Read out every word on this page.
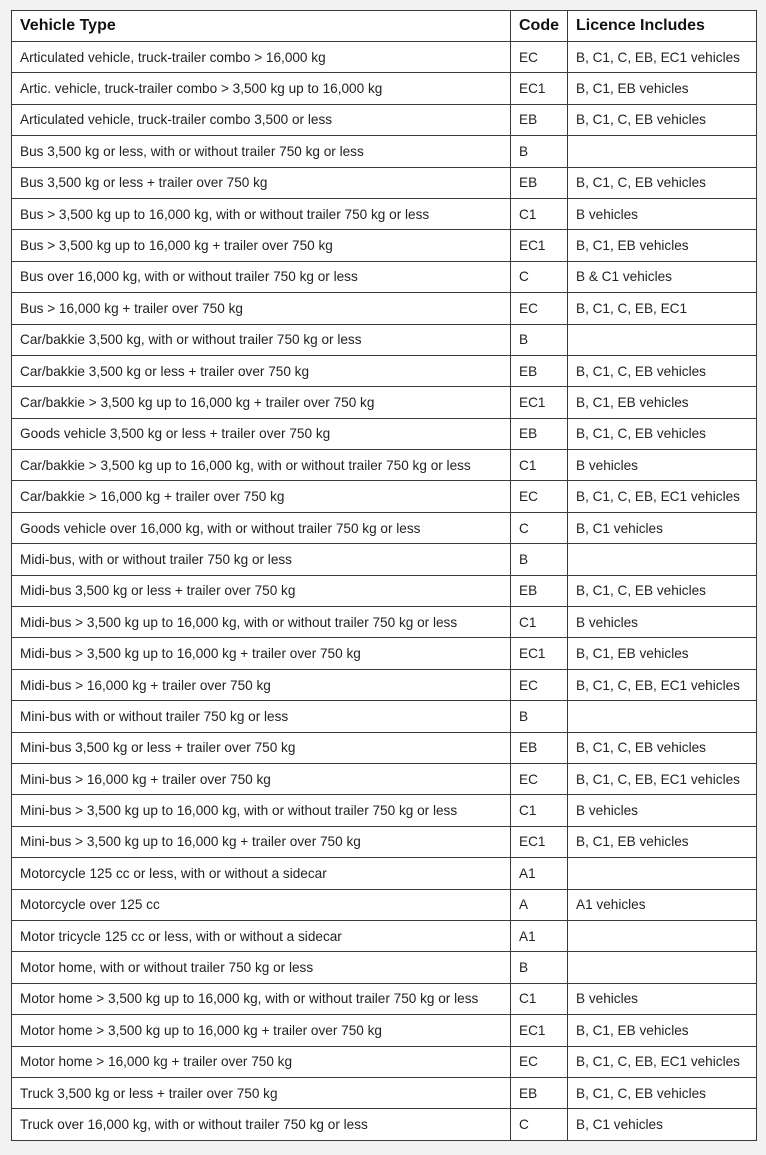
Vehicle Type	Code	Licence Includes
Articulated vehicle, truck-trailer combo > 16,000 kg	EC	B, C1, C, EB, EC1 vehicles
Artic. vehicle, truck-trailer combo > 3,500 kg up to 16,000 kg	EC1	B, C1, EB vehicles
Articulated vehicle, truck-trailer combo 3,500 or less	EB	B, C1, C, EB vehicles
Bus 3,500 kg or less, with or without trailer 750 kg or less	B	
Bus 3,500 kg or less + trailer over 750 kg	EB	B, C1, C, EB vehicles
Bus > 3,500 kg up to 16,000 kg, with or without trailer 750 kg or less	C1	B vehicles
Bus > 3,500 kg up to 16,000 kg + trailer over 750 kg	EC1	B, C1, EB vehicles
Bus over 16,000 kg, with or without trailer 750 kg or less	C	B & C1 vehicles
Bus > 16,000 kg + trailer over 750 kg	EC	B, C1, C, EB, EC1
Car/bakkie 3,500 kg, with or without trailer 750 kg or less	B	
Car/bakkie 3,500 kg or less + trailer over 750 kg	EB	B, C1, C, EB vehicles
Car/bakkie > 3,500 kg up to 16,000 kg + trailer over 750 kg	EC1	B, C1, EB vehicles
Goods vehicle 3,500 kg or less + trailer over 750 kg	EB	B, C1, C, EB vehicles
Car/bakkie > 3,500 kg up to 16,000 kg, with or without trailer 750 kg or less	C1	B vehicles
Car/bakkie > 16,000 kg + trailer over 750 kg	EC	B, C1, C, EB, EC1 vehicles
Goods vehicle over 16,000 kg, with or without trailer 750 kg or less	C	B, C1 vehicles
Midi-bus, with or without trailer 750 kg or less	B	
Midi-bus 3,500 kg or less + trailer over 750 kg	EB	B, C1, C, EB vehicles
Midi-bus > 3,500 kg up to 16,000 kg, with or without trailer 750 kg or less	C1	B vehicles
Midi-bus > 3,500 kg up to 16,000 kg + trailer over 750 kg	EC1	B, C1, EB vehicles
Midi-bus > 16,000 kg + trailer over 750 kg	EC	B, C1, C, EB, EC1 vehicles
Mini-bus with or without trailer 750 kg or less	B	
Mini-bus 3,500 kg or less + trailer over 750 kg	EB	B, C1, C, EB vehicles
Mini-bus > 16,000 kg + trailer over 750 kg	EC	B, C1, C, EB, EC1 vehicles
Mini-bus > 3,500 kg up to 16,000 kg, with or without trailer 750 kg or less	C1	B vehicles
Mini-bus > 3,500 kg up to 16,000 kg + trailer over 750 kg	EC1	B, C1, EB vehicles
Motorcycle 125 cc or less, with or without a sidecar	A1	
Motorcycle over 125 cc	A	A1 vehicles
Motor tricycle 125 cc or less, with or without a sidecar	A1	
Motor home, with or without trailer 750 kg or less	B	
Motor home > 3,500 kg up to 16,000 kg, with or without trailer 750 kg or less	C1	B vehicles
Motor home > 3,500 kg up to 16,000 kg + trailer over 750 kg	EC1	B, C1, EB vehicles
Motor home > 16,000 kg + trailer over 750 kg	EC	B, C1, C, EB, EC1 vehicles
Truck 3,500 kg or less + trailer over 750 kg	EB	B, C1, C, EB vehicles
Truck over 16,000 kg, with or without trailer 750 kg or less	C	B, C1 vehicles
